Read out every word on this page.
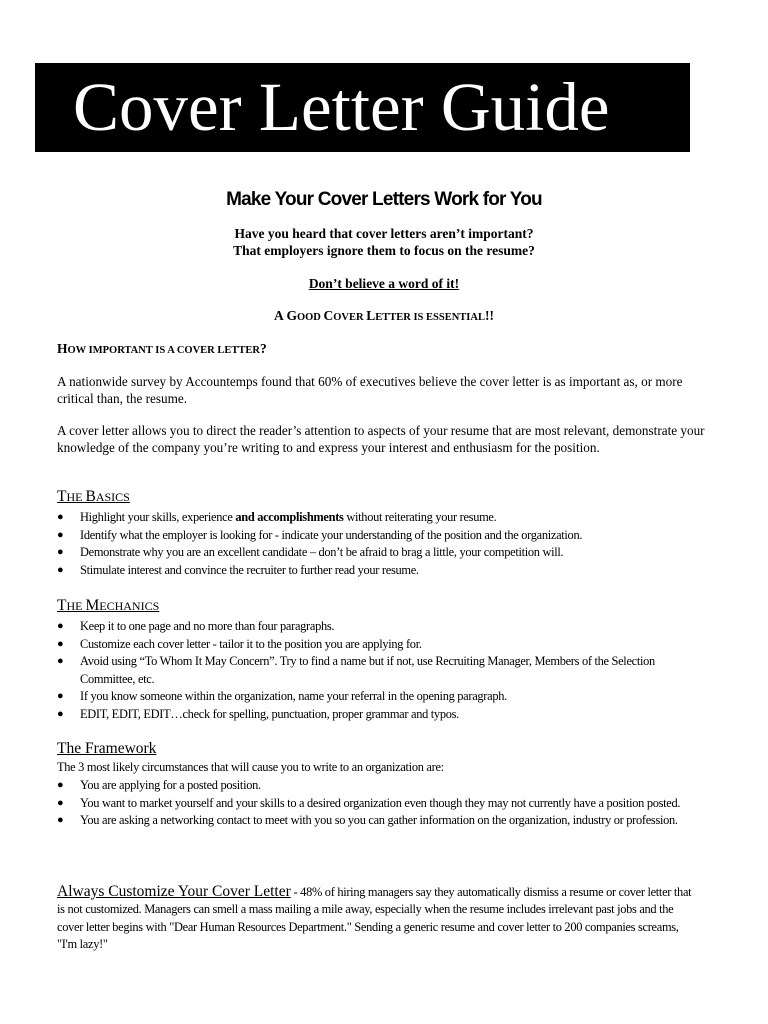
Cover Letter Guide
Make Your Cover Letters Work for You
Have you heard that cover letters aren’t important?
That employers ignore them to focus on the resume?
Don’t believe a word of it!
A GOOD COVER LETTER IS ESSENTIAL!!
HOW IMPORTANT IS A COVER LETTER?
A nationwide survey by Accountemps found that 60% of executives believe the cover letter is as important as, or more critical than, the resume.
A cover letter allows you to direct the reader’s attention to aspects of your resume that are most relevant, demonstrate your knowledge of the company you’re writing to and express your interest and enthusiasm for the position.
THE BASICS
● Highlight your skills, experience and accomplishments without reiterating your resume.
● Identify what the employer is looking for - indicate your understanding of the position and the organization.
● Demonstrate why you are an excellent candidate – don’t be afraid to brag a little, your competition will.
● Stimulate interest and convince the recruiter to further read your resume.
THE MECHANICS
● Keep it to one page and no more than four paragraphs.
● Customize each cover letter - tailor it to the position you are applying for.
● Avoid using “To Whom It May Concern”. Try to find a name but if not, use Recruiting Manager, Members of the Selection Committee, etc.
● If you know someone within the organization, name your referral in the opening paragraph.
● EDIT, EDIT, EDIT…check for spelling, punctuation, proper grammar and typos.
The Framework
The 3 most likely circumstances that will cause you to write to an organization are:
● You are applying for a posted position.
● You want to market yourself and your skills to a desired organization even though they may not currently have a position posted.
● You are asking a networking contact to meet with you so you can gather information on the organization, industry or profession.
Always Customize Your Cover Letter - 48% of hiring managers say they automatically dismiss a resume or cover letter that is not customized. Managers can smell a mass mailing a mile away, especially when the resume includes irrelevant past jobs and the cover letter begins with "Dear Human Resources Department." Sending a generic resume and cover letter to 200 companies screams, "I'm lazy!"
